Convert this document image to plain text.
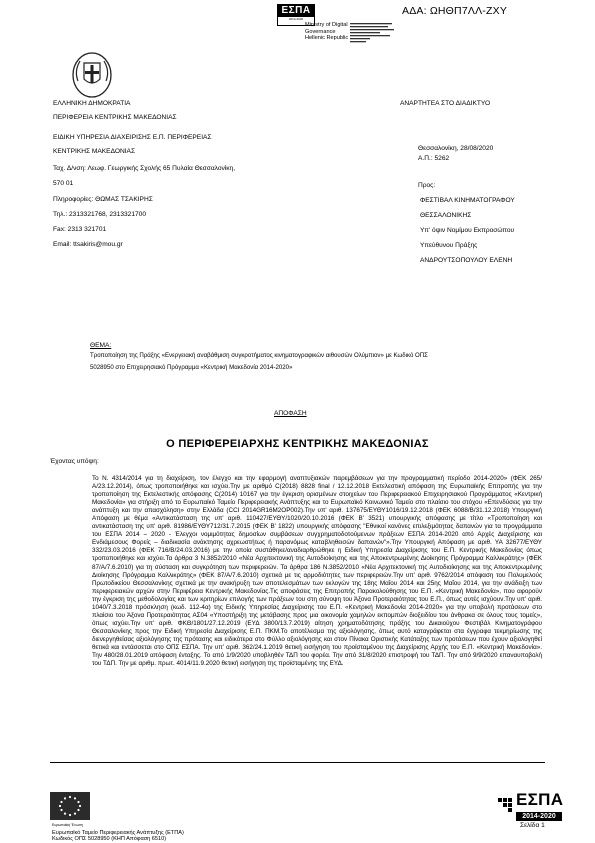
ΕΣΠΑ
2014-2020
Ministry of Digital
Governance
Hellenic Republic
ΑΔΑ: ΩΗΘΠ7ΛΛ-ΖΧΥ
ΕΛΛΗΝΙΚΗ ΔΗΜΟΚΡΑΤΙΑ
ΠΕΡΙΦΕΡΕΙΑ ΚΕΝΤΡΙΚΗΣ ΜΑΚΕΔΟΝΙΑΣ
ΕΙΔΙΚΗ ΥΠΗΡΕΣΙΑ ΔΙΑΧΕΙΡΙΣΗΣ Ε.Π. ΠΕΡΙΦΕΡΕΙΑΣ
ΚΕΝΤΡΙΚΗΣ ΜΑΚΕΔΟΝΙΑΣ
Ταχ. Δ/νση: Λεωφ. Γεωργικής Σχολής 65 Πυλαία Θεσσαλονίκη,
570 01
Πληροφορίες: ΘΩΜΑΣ ΤΣΑΚΙΡΗΣ
Τηλ.: 2313321768, 2313321700
Fax: 2313 321701
Email: ttsakiris@mou.gr
ΑΝΑΡΤΗΤΕΑ ΣΤΟ ΔΙΑΔΙΚΤΥΟ
Θεσσαλονίκη, 28/08/2020
Α.Π.: 5262
Προς:
ΦΕΣΤΙΒΑΛ ΚΙΝΗΜΑΤΟΓΡΑΦΟΥ
ΘΕΣΣΑΛΟΝΙΚΗΣ
Υπ' όψιν Νομίμου Εκπροσώπου
Υπεύθυνου Πράξης
ΑΝΔΡΟΥΤΣΟΠΟΥΛΟΥ ΕΛΕΝΗ
ΘΕΜΑ:
Τροποποίηση της Πράξης «Ενεργειακή αναβάθμιση συγκροτήματος κινηματογραφικών αιθουσών Ολύμπιον» με Κωδικό ΟΠΣ
5028950 στο Επιχειρησιακό Πρόγραμμα «Κεντρική Μακεδονία 2014-2020»
ΑΠΟΦΑΣΗ
Ο ΠΕΡΙΦΕΡΕΙΑΡΧΗΣ ΚΕΝΤΡΙΚΗΣ ΜΑΚΕΔΟΝΙΑΣ
Έχοντας υπόψη:
Το Ν. 4314/2014 για τη διαχείριση, τον έλεγχο και την εφαρμογή αναπτυξιακών παρεμβάσεων για την προγραμματική περίοδο 2014-2020» (ΦΕΚ 265/Α/23.12.2014), όπως τροποποιήθηκε και ισχύει.Την με αριθμό C(2018) 8828 final / 12.12.2018 Εκτελεστική απόφαση της Ευρωπαϊκής Επιτροπής για την τροποποίηση της Εκτελεστικής απόφασης C(2014) 10167 για την έγκριση ορισμένων στοιχείων του Περιφερειακού Επιχειρησιακού Προγράμματος «Κεντρική Μακεδονία» για στήριξη από το Ευρωπαϊκό Ταμείο Περιφερειακής Ανάπτυξης και το Ευρωπαϊκό Κοινωνικό Ταμείο στο πλαίσιο του στόχου «Επενδύσεις για την ανάπτυξη και την απασχόληση» στην Ελλάδα (CCI 2014GR16M2OP002).Την υπ' αριθ. 137675/ΕΥΘΥ1016/19.12.2018 (ΦΕΚ 6088/Β/31.12.2018) Υπουργική Απόφαση με θέμα «Αντικατάσταση της υπ' αριθ. 110427/ΕΥΘΥ/1020/20.10.2016 (ΦΕΚ Β' 3521) υπουργικής απόφασης με τίτλο «Τροποποίηση και αντικατάσταση της υπ' αριθ. 81986/ΕΥΘΥ712/31.7.2015 (ΦΕΚ Β' 1822) υπουργικής απόφασης "Εθνικοί κανόνες επιλεξιμότητας δαπανών για τα προγράμματα του ΕΣΠΑ 2014 – 2020 - Έλεγχοι νομιμότητας δημοσίων συμβάσεων συγχρηματοδοτούμενων πράξεων ΕΣΠΑ 2014-2020 από Αρχές Διαχείρισης και Ενδιάμεσους Φορείς – διαδικασία ανάκτησης αχρεωστήτως ή παρανόμως καταβληθεισών δαπανών"».Την Υπουργική Απόφαση με αριθ. ΥΑ 32677/ΕΥΘΥ 332/23.03.2016 (ΦΕΚ 716/Β/24.03.2016) με την οποία συστάθηκε/αναδιαρθρώθηκε η Ειδική Υπηρεσία Διαχείρισης του Ε.Π. Κεντρικής Μακεδονίας όπως τροποποιήθηκε και ισχύει.Τα άρθρα 3 Ν.3852/2010 «Νέα Αρχιτεκτονική της Αυτοδιοίκησης και της Αποκεντρωμένης Διοίκησης Πρόγραμμα Καλλικράτης» (ΦΕΚ 87/Α/7.6.2010) για τη σύσταση και συγκρότηση των περιφερειών. Τα άρθρα 186 Ν.3852/2010 «Νέα Αρχιτεκτονική της Αυτοδιοίκησης και της Αποκεντρωμένης Διοίκησης Πρόγραμμα Καλλικράτης» (ΦΕΚ 87/Α/7.6.2010) σχετικά με τις αρμοδιότητες των περιφερειών.Την υπ' αριθ. 9762/2014 απόφαση του Πολυμελούς Πρωτοδικείου Θεσσαλονίκης σχετικά με την ανακήρυξη των αποτελεσμάτων των εκλογών της 18ης Μαΐου 2014 και 25ης Μαΐου 2014, για την ανάδειξη των περιφερειακών αρχών στην Περιφέρεια Κεντρικής Μακεδονίας.Τις αποφάσεις της Επιτροπής Παρακολούθησης του Ε.Π. «Κεντρική Μακεδονία», που αφορούν την έγκριση της μεθοδολογίας και των κριτηρίων επιλογής των πράξεων του στη σύνοψη του Άξονα Προτεραιότητας του Ε.Π., όπως αυτές ισχύουν.Την υπ' αριθ. 1040/7.3.2018 πρόσκληση (κωδ. 112-4α) της Ειδικής Υπηρεσίας Διαχείρισης του Ε.Π. «Κεντρική Μακεδονία 2014-2020» για την υποβολή προτάσεων στο πλαίσιο του Άξονα Προτεραιότητας ΑΣ04 «Υποστήριξη της μετάβασης προς μια οικονομία χαμηλών εκπομπών διοξειδίου του άνθρακα σε όλους τους τομείς», όπως ισχύει.Την υπ' αριθ. ΦΚΘ/1801/27.12.2019 (ΕΥΔ 3800/13.7.2019) αίτηση χρηματοδότησης πράξης του Δικαιούχου Φεστιβάλ Κινηματογράφου Θεσσαλονίκης προς την Ειδική Υπηρεσία Διαχείρισης Ε.Π. ΠΚΜ.Το αποτέλεσμα της αξιολόγησης, όπως αυτό καταγράφεται στα έγγραφα τεκμηρίωσης της διενεργηθείσας αξιολόγησης της πρότασης και ειδικότερα στο Φύλλο αξιολόγησης και στον Πίνακα Οριστικής Κατάταξης των προτάσεων που έχουν αξιολογηθεί θετικά και εντάσσεται στο ΟΠΣ ΕΣΠΑ. Την υπ' αριθ. 362/24.1.2019 θετική εισήγηση του προϊσταμένου της Διαχείρισης Αρχής του Ε.Π. «Κεντρική Μακεδονία». Την 480/28.01.2019 απόφαση ένταξης. Το από 1/9/2020 υποβληθέν ΤΔΠ του φορέα. Την από 31/8/2020 επιστροφή του ΤΔΠ. Την από 9/9/2020 επαναυποβολή του ΤΔΠ. Την με αριθμ. πρωτ. 4014/11.9.2020 θετική εισήγηση της προϊσταμένης της ΕΥΔ.
Ευρωπαϊκή Ένωση
Ευρωπαϊκό Ταμείο Περιφερειακής Ανάπτυξης (ΕΤΠΑ)
ΕΣΠΑ
2014-2020
Κωδικός ΟΠΣ 5028950 (ΚΗΠ Απόφαση 6510)
Σελίδα 1
